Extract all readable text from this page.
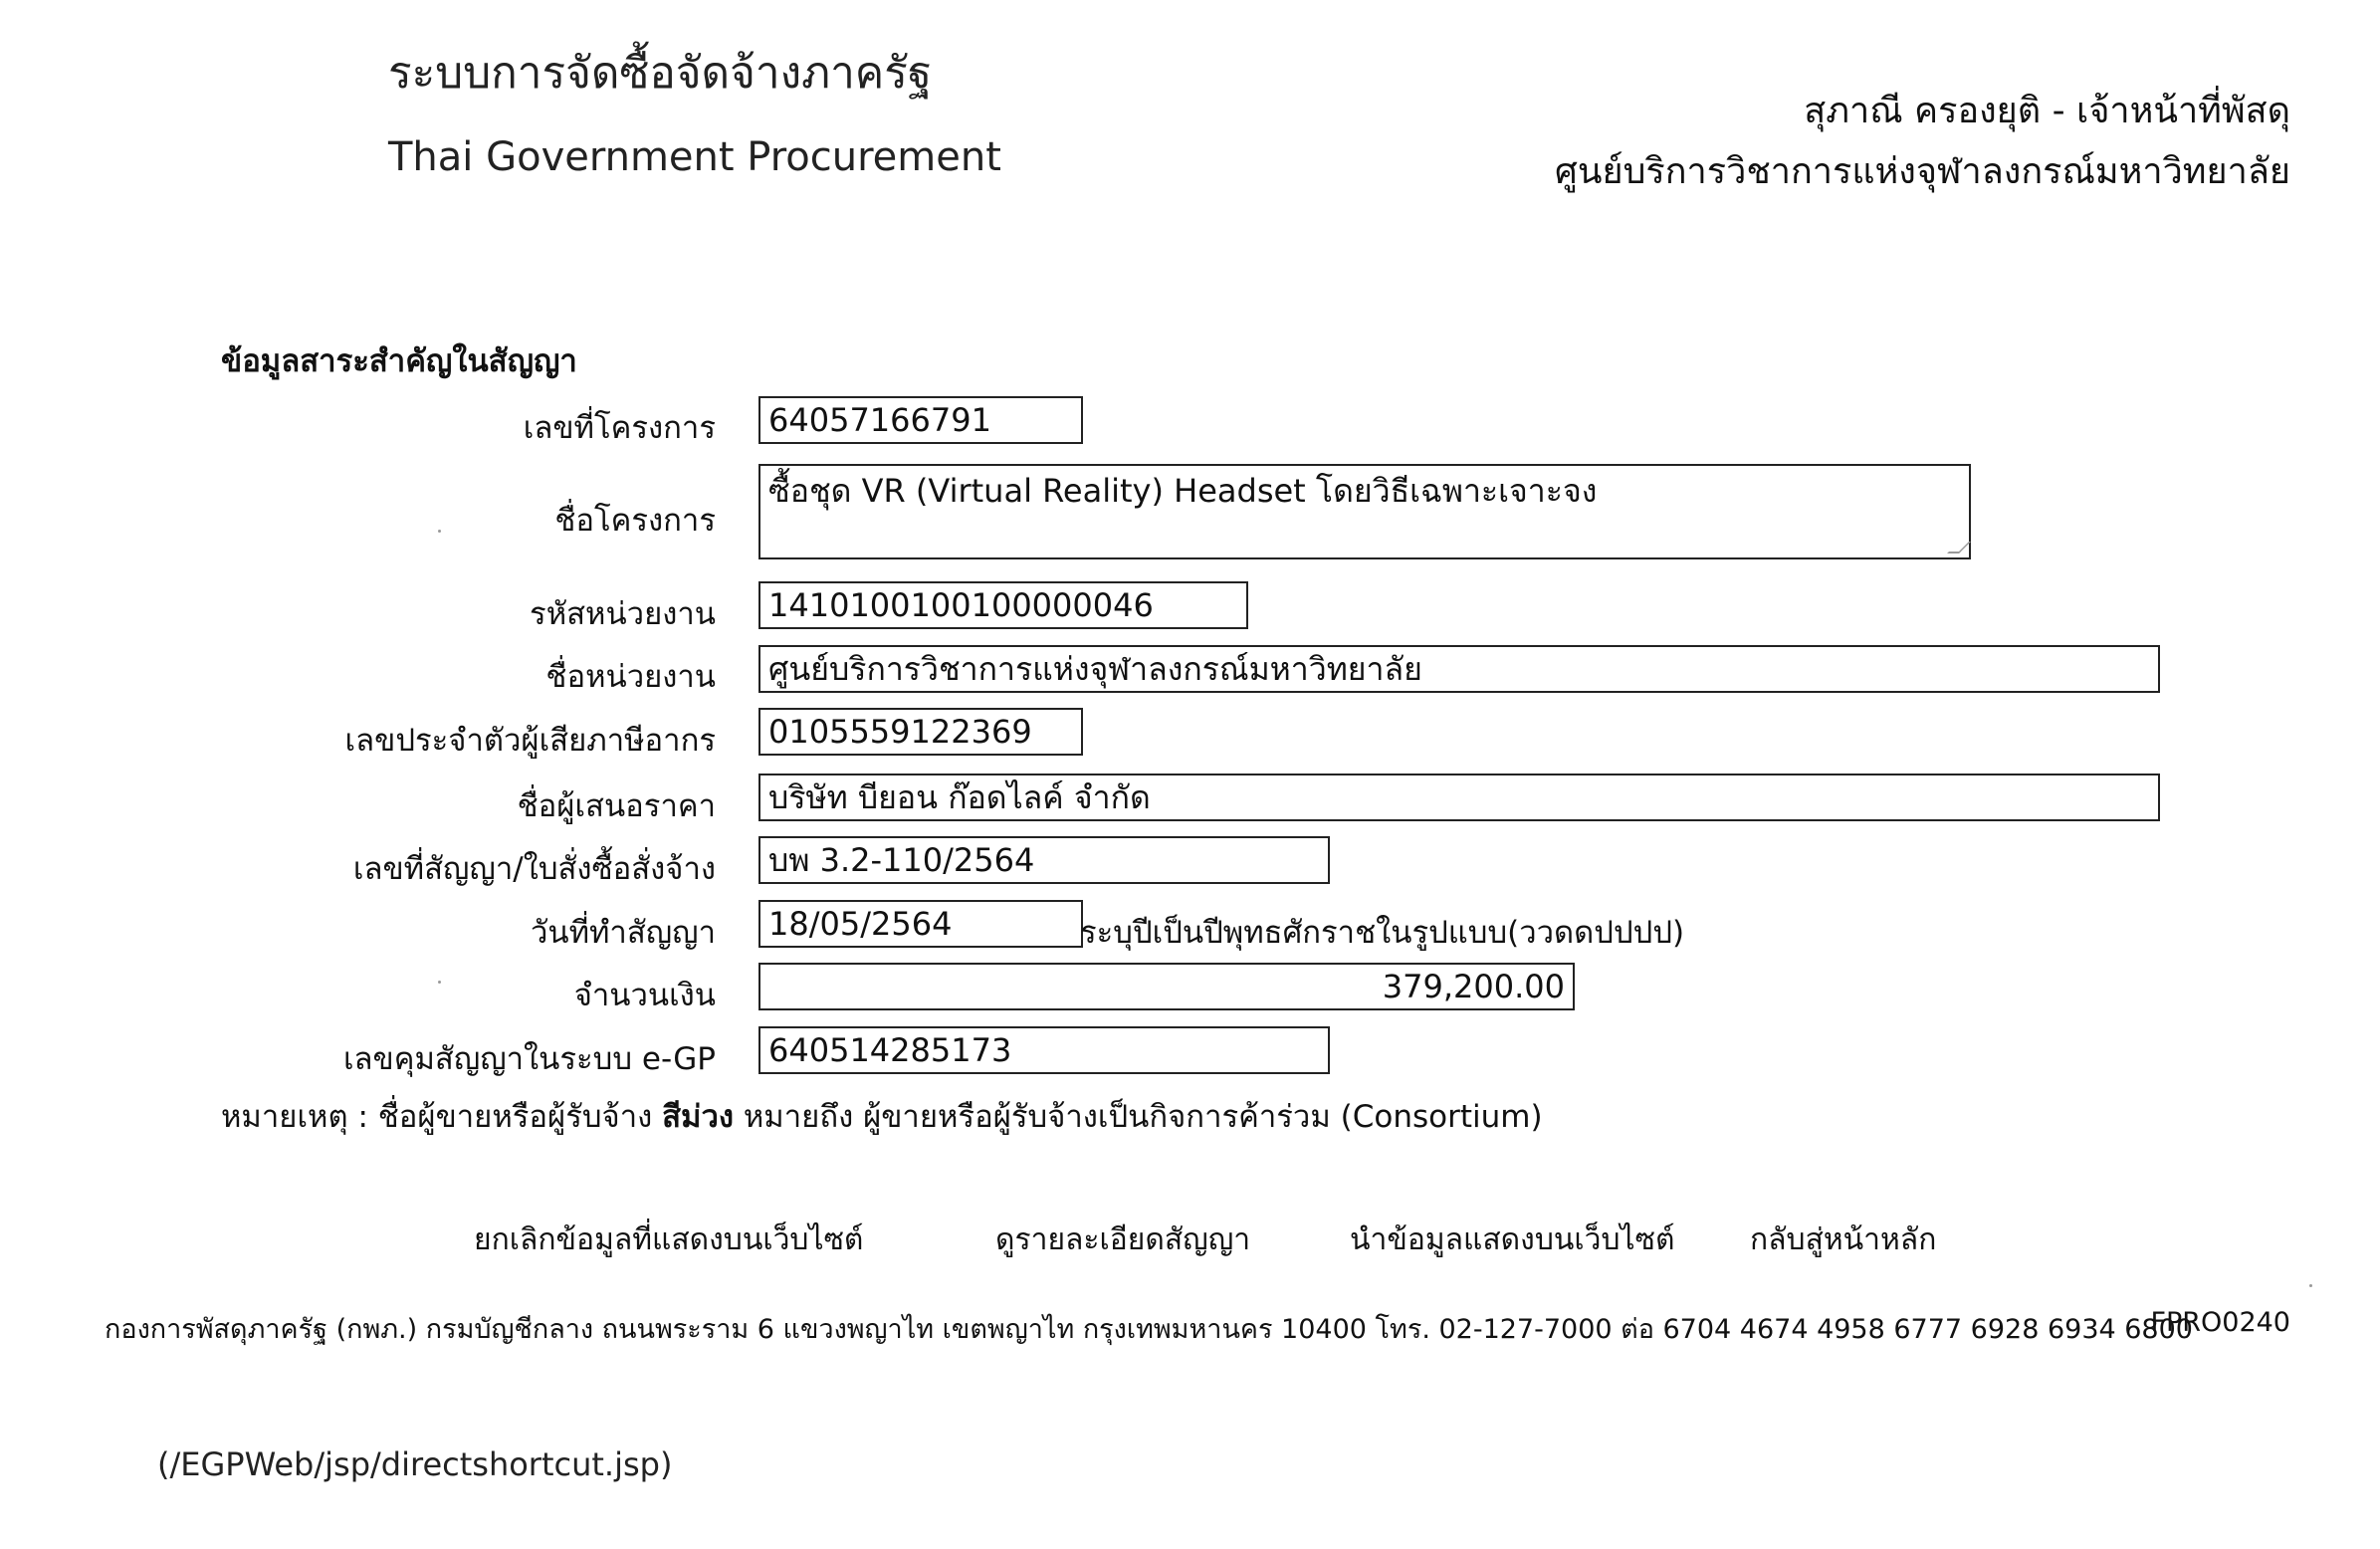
ระบบการจัดซื้อจัดจ้างภาครัฐ
Thai Government Procurement
สุภาณี ครองยุติ - เจ้าหน้าที่พัสดุ
ศูนย์บริการวิชาการแห่งจุฬาลงกรณ์มหาวิทยาลัย
ข้อมูลสาระสำคัญในสัญญา
เลขที่โครงการ	64057166791
ชื่อโครงการ
ซื้อชุด VR (Virtual Reality) Headset โดยวิธีเฉพาะเจาะจง
รหัสหน่วยงาน	1410100100100000046
ชื่อหน่วยงาน	ศูนย์บริการวิชาการแห่งจุฬาลงกรณ์มหาวิทยาลัย
เลขประจำตัวผู้เสียภาษีอากร	0105559122369
ชื่อผู้เสนอราคา	บริษัท บียอน ก๊อดไลค์ จำกัด
เลขที่สัญญา/ใบสั่งซื้อสั่งจ้าง	บพ 3.2-110/2564
วันที่ทำสัญญา	18/05/2564	ระบุปีเป็นปีพุทธศักราชในรูปแบบ(ววดดปปปป)
จำนวนเงิน	379,200.00
เลขคุมสัญญาในระบบ e-GP	640514285173
หมายเหตุ : ชื่อผู้ขายหรือผู้รับจ้าง สีม่วง หมายถึง ผู้ขายหรือผู้รับจ้างเป็นกิจการค้าร่วม (Consortium)
ยกเลิกข้อมูลที่แสดงบนเว็บไซต์	ดูรายละเอียดสัญญา	นำข้อมูลแสดงบนเว็บไซต์	กลับสู่หน้าหลัก
กองการพัสดุภาครัฐ (กพภ.) กรมบัญชีกลาง ถนนพระราม 6 แขวงพญาไท เขตพญาไท กรุงเทพมหานคร 10400 โทร. 02-127-7000 ต่อ 6704 4674 4958 6777 6928 6934 6800
FPRO0240
(/EGPWeb/jsp/directshortcut.jsp)
